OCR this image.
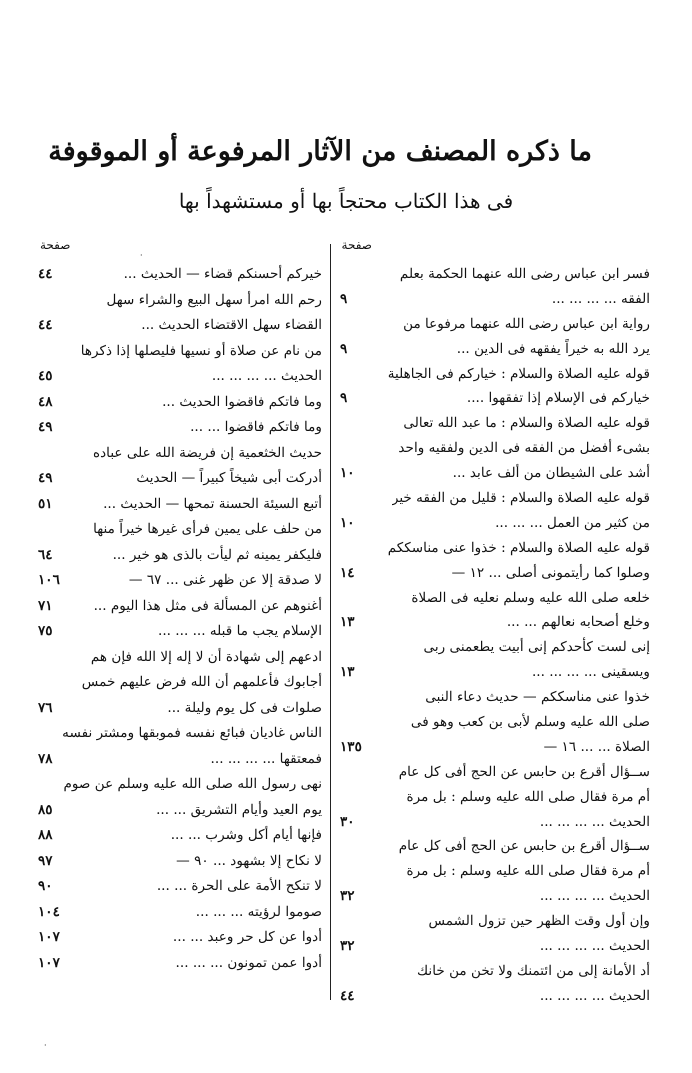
ما ذكره المصنف من الآثار المرفوعة أو الموقوفة
فى هذا الكتاب محتجاً بها أو مستشهداً بها
صفحة
صفحة
فسر ابن عباس رضى الله عنهما الحكمة بعلم
الفقه ... ... ... ...
٩
رواية ابن عباس رضى الله عنهما مرفوعا من
يرد الله به خيراً يفقهه فى الدين ...
٩
قوله عليه الصلاة والسلام : خياركم فى الجاهلية
خياركم فى الإسلام إذا تفقهوا ....
٩
قوله عليه الصلاة والسلام : ما عبد الله تعالى
بشىء أفضل من الفقه فى الدين ولفقيه واحد
أشد على الشيطان من ألف عابد ...
١٠
قوله عليه الصلاة والسلام : قليل من الفقه خير
من كثير من العمل ... ... ...
١٠
قوله عليه الصلاة والسلام : خذوا عنى مناسككم
وصلوا كما رأيتمونى أصلى ... ١٢ —
١٤
خلعه صلى الله عليه وسلم نعليه فى الصلاة
وخلع أصحابه نعالهم ... ...
١٣
إنى لست كأحدكم إنى أبيت يطعمنى ربى
ويسقينى ... ... ... ...
١٣
خذوا عنى مناسككم — حديث دعاء النبى
صلى الله عليه وسلم لأبى بن كعب وهو فى
الصلاة ... ... ١٦ —
١٣٥
ســؤال أقرع بن حابس عن الحج أفى كل عام
أم مرة فقال صلى الله عليه وسلم : بل مرة
الحديث ... ... ... ...
٣٠
ســؤال أقرع بن حابس عن الحج أفى كل عام
أم مرة فقال صلى الله عليه وسلم : بل مرة
الحديث ... ... ... ...
٣٢
وإن أول وقت الظهر حين تزول الشمس
الحديث ... ... ... ...
٣٢
أد الأمانة إلى من ائتمنك ولا تخن من خانك
الحديث ... ... ... ...
٤٤
خيركم أحسنكم قضاء — الحديث ...
٤٤
رحم الله امرأ سهل البيع والشراء سهل
القضاء سهل الاقتضاء الحديث ...
٤٤
من نام عن صلاة أو نسيها فليصلها إذا ذكرها
الحديث ... ... ... ...
٤٥
وما فاتكم فاقضوا الحديث ...
٤٨
وما فاتكم فاقضوا ... ...
٤٩
حديث الخثعمية إن فريضة الله على عباده
أدركت أبى شيخاً كبيراً — الحديث
٤٩
أتبع السيئة الحسنة تمحها — الحديث ...
٥١
من حلف على يمين فرأى غيرها خيراً منها
فليكفر يمينه ثم ليأت بالذى هو خير ...
٦٤
لا صدقة إلا عن ظهر غنى ... ٦٧ —
١٠٦
أغنوهم عن المسألة فى مثل هذا اليوم ...
٧١
الإسلام يجب ما قبله ... ... ...
٧٥
ادعهم إلى شهادة أن لا إله إلا الله فإن هم
أجابوك فأعلمهم أن الله فرض عليهم خمس
صلوات فى كل يوم وليلة ...
٧٦
الناس غاديان فبائع نفسه فموبقها ومشتر نفسه
فمعتقها ... ... ... ...
٧٨
نهى رسول الله صلى الله عليه وسلم عن صوم
يوم العيد وأيام التشريق ... ...
٨٥
فإنها أيام أكل وشرب ... ...
٨٨
لا نكاح إلا بشهود ... ٩٠ —
٩٧
لا تنكح الأمة على الحرة ... ...
٩٠
صوموا لرؤيته ... ... ...
١٠٤
أدوا عن كل حر وعبد ... ...
١٠٧
أدوا عمن تمونون ... ... ...
١٠٧
·
·
